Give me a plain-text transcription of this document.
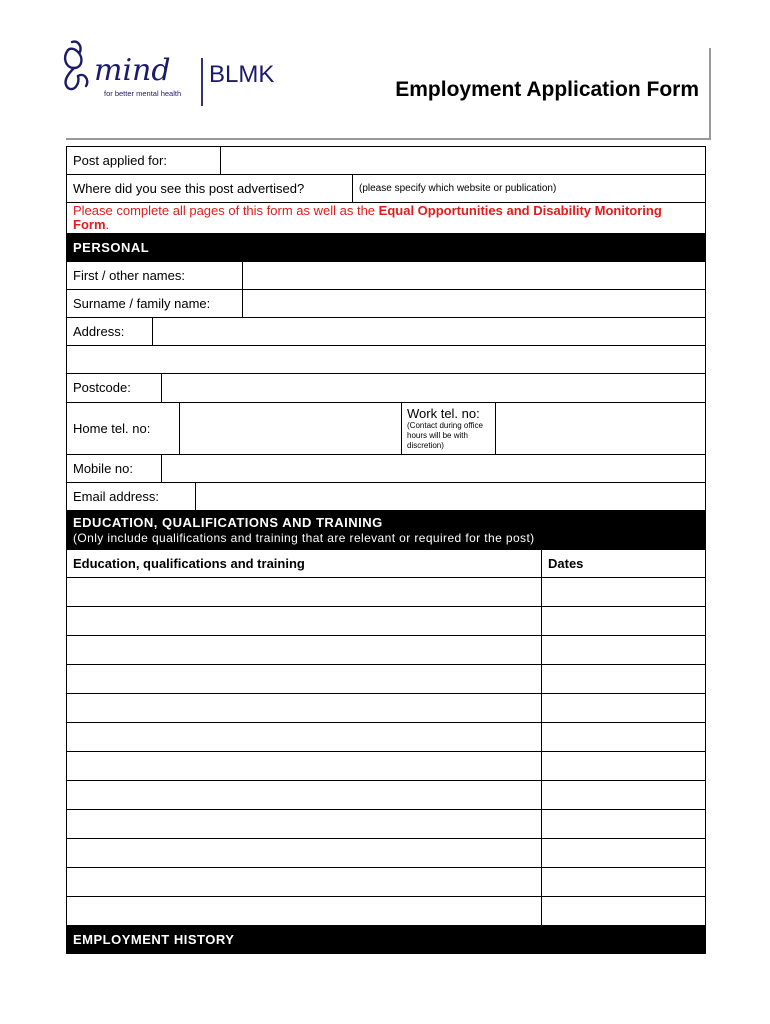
mind BLMK
for better mental health	Employment Application Form
Post applied for:
Where did you see this post advertised?	(please specify which website or publication)
Please complete all pages of this form as well as the Equal Opportunities and Disability Monitoring Form.
PERSONAL
First / other names:
Surname / family name:
Address:
Postcode:
Home tel. no:
Work tel. no:
(Contact during office hours will be with discretion)
Mobile no:
Email address:
EDUCATION, QUALIFICATIONS AND TRAINING
(Only include qualifications and training that are relevant or required for the post)
Education, qualifications and training	Dates
EMPLOYMENT HISTORY
